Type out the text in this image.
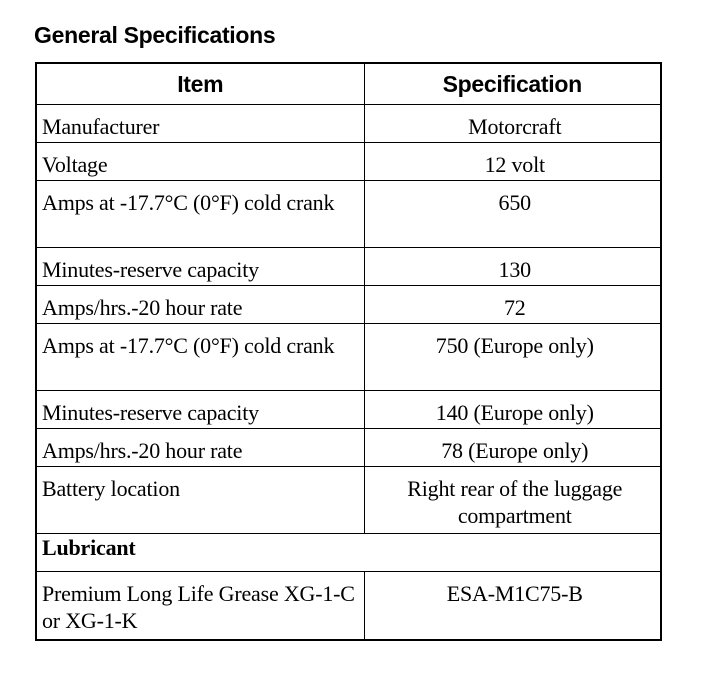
General Specifications
Item	Specification
Manufacturer	Motorcraft
Voltage	12 volt
Amps at -17.7°C (0°F) cold crank	650
Minutes-reserve capacity	130
Amps/hrs.-20 hour rate	72
Amps at -17.7°C (0°F) cold crank	750 (Europe only)
Minutes-reserve capacity	140 (Europe only)
Amps/hrs.-20 hour rate	78 (Europe only)
Battery location	Right rear of the luggage compartment
Lubricant	
Premium Long Life Grease XG-1-C or XG-1-K	ESA-M1C75-B
